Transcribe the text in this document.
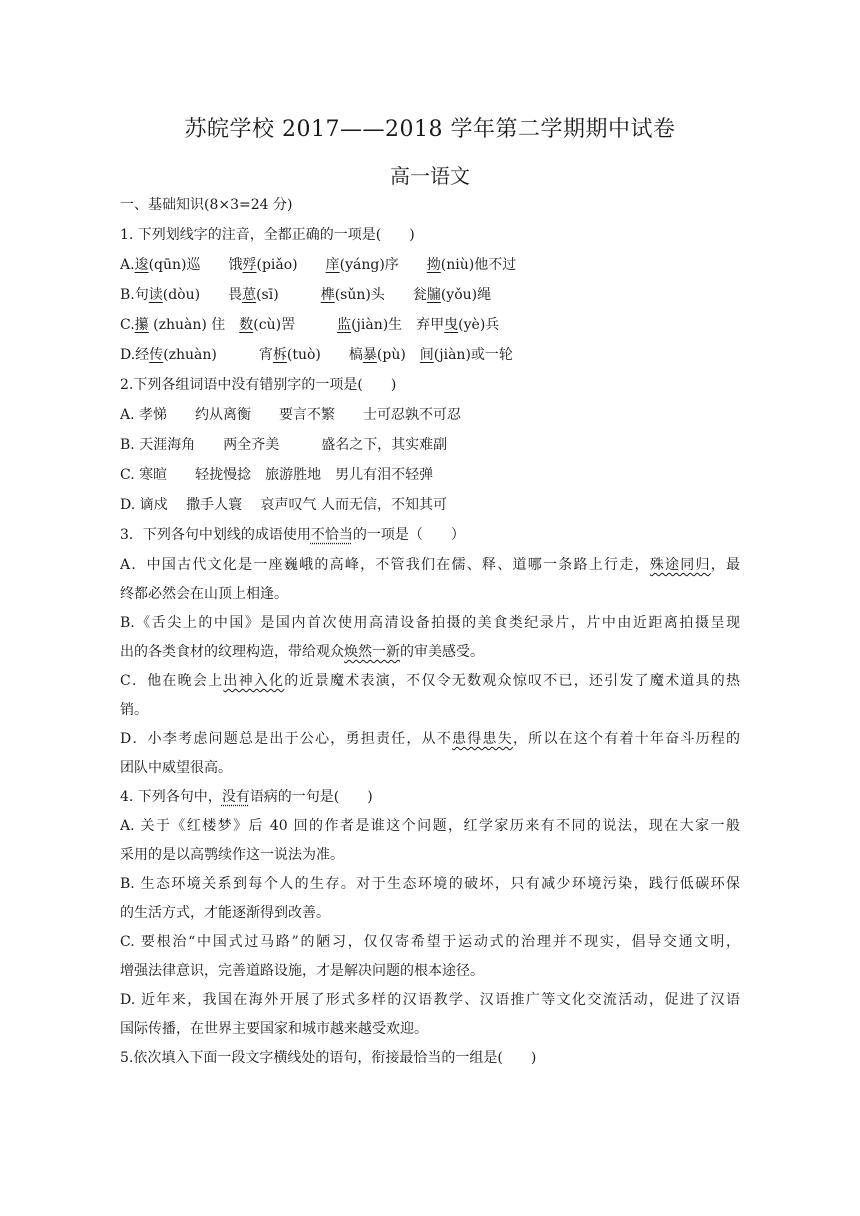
苏皖学校 2017——2018 学年第二学期期中试卷
高一语文
一、基础知识(8×3=24 分)
1. 下列划线字的注音，全都正确的一项是(　　)
A.逡(qūn)巡　　饿殍(piǎo)　　庠(yáng)序　　拗(niù)他不过
B.句读(dòu)　　畏葸(sī)　　　榫(sǔn)头　　瓮牖(yǒu)绳
C.攥 (zhuàn) 住　数(cù)罟　　　监(jiàn)生　弃甲曳(yè)兵
D.经传(zhuàn)　　　宵柝(tuò)　　槁暴(pù)　间(jiàn)或一轮
2.下列各组词语中没有错别字的一项是(　　)
A. 孝悌　　约从离衡　　要言不繁　　士可忍孰不可忍
B. 天涯海角　　两全齐美　　　盛名之下，其实难副
C. 寒暄　　轻拢慢捻　旅游胜地　男儿有泪不轻弹
D. 谪戍　 撒手人寰　 哀声叹气 人而无信，不知其可
3．下列各句中划线的成语使用不恰当的一项是（　　）
A．中国古代文化是一座巍峨的高峰，不管我们在儒、释、道哪一条路上行走，殊途同归，最
终都必然会在山顶上相逢。
B.《舌尖上的中国》是国内首次使用高清设备拍摄的美食类纪录片，片中由近距离拍摄呈现
出的各类食材的纹理构造，带给观众焕然一新的审美感受。
C．他在晚会上出神入化的近景魔术表演，不仅令无数观众惊叹不已，还引发了魔术道具的热
销。
D．小李考虑问题总是出于公心，勇担责任，从不患得患失，所以在这个有着十年奋斗历程的
团队中威望很高。
4. 下列各句中，没有语病的一句是(　　)
A. 关于《红楼梦》后 40 回的作者是谁这个问题，红学家历来有不同的说法，现在大家一般
采用的是以高鹗续作这一说法为准。
B. 生态环境关系到每个人的生存。对于生态环境的破坏，只有减少环境污染，践行低碳环保
的生活方式，才能逐渐得到改善。
C. 要根治“中国式过马路”的陋习，仅仅寄希望于运动式的治理并不现实，倡导交通文明，
增强法律意识，完善道路设施，才是解决问题的根本途径。
D. 近年来，我国在海外开展了形式多样的汉语教学、汉语推广等文化交流活动，促进了汉语
国际传播，在世界主要国家和城市越来越受欢迎。
5.依次填入下面一段文字横线处的语句，衔接最恰当的一组是(　　)
